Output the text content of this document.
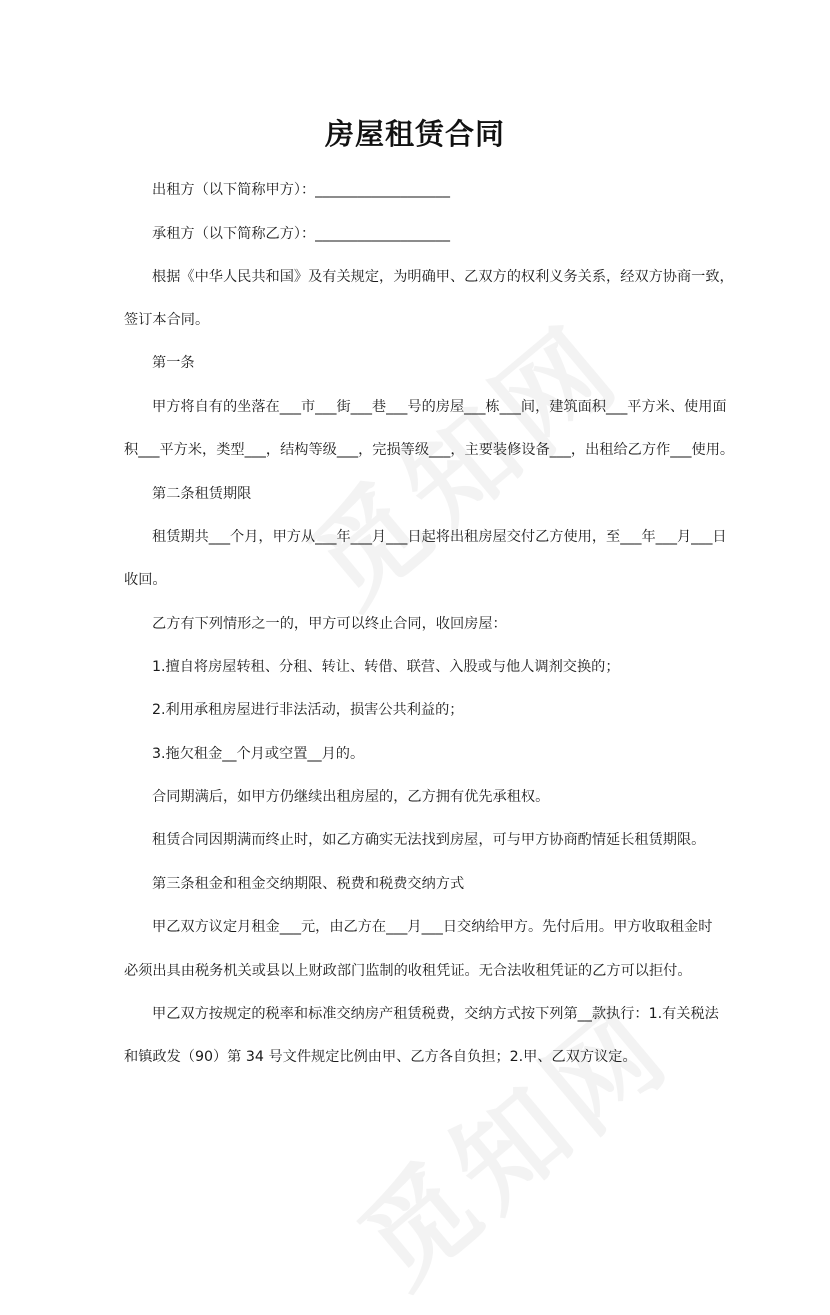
房屋租赁合同
出租方（以下简称甲方）：___________________
承租方（以下简称乙方）：___________________
根据《中华人民共和国》及有关规定，为明确甲、乙双方的权利义务关系，经双方协商一致，
签订本合同。
第一条
甲方将自有的坐落在___市___街___巷___号的房屋___栋___间，建筑面积___平方米、使用面
积___平方米，类型___，结构等级___，完损等级___，主要装修设备___，出租给乙方作___使用。
第二条租赁期限
租赁期共___个月，甲方从___年___月___日起将出租房屋交付乙方使用，至___年___月___日
收回。
乙方有下列情形之一的，甲方可以终止合同，收回房屋：
1.擅自将房屋转租、分租、转让、转借、联营、入股或与他人调剂交换的；
2.利用承租房屋进行非法活动，损害公共利益的；
3.拖欠租金__个月或空置__月的。
合同期满后，如甲方仍继续出租房屋的，乙方拥有优先承租权。
租赁合同因期满而终止时，如乙方确实无法找到房屋，可与甲方协商酌情延长租赁期限。
第三条租金和租金交纳期限、税费和税费交纳方式
甲乙双方议定月租金___元，由乙方在___月___日交纳给甲方。先付后用。甲方收取租金时
必须出具由税务机关或县以上财政部门监制的收租凭证。无合法收租凭证的乙方可以拒付。
甲乙双方按规定的税率和标准交纳房产租赁税费，交纳方式按下列第__款执行：1.有关税法
和镇政发（90）第 34 号文件规定比例由甲、乙方各自负担；2.甲、乙双方议定。
